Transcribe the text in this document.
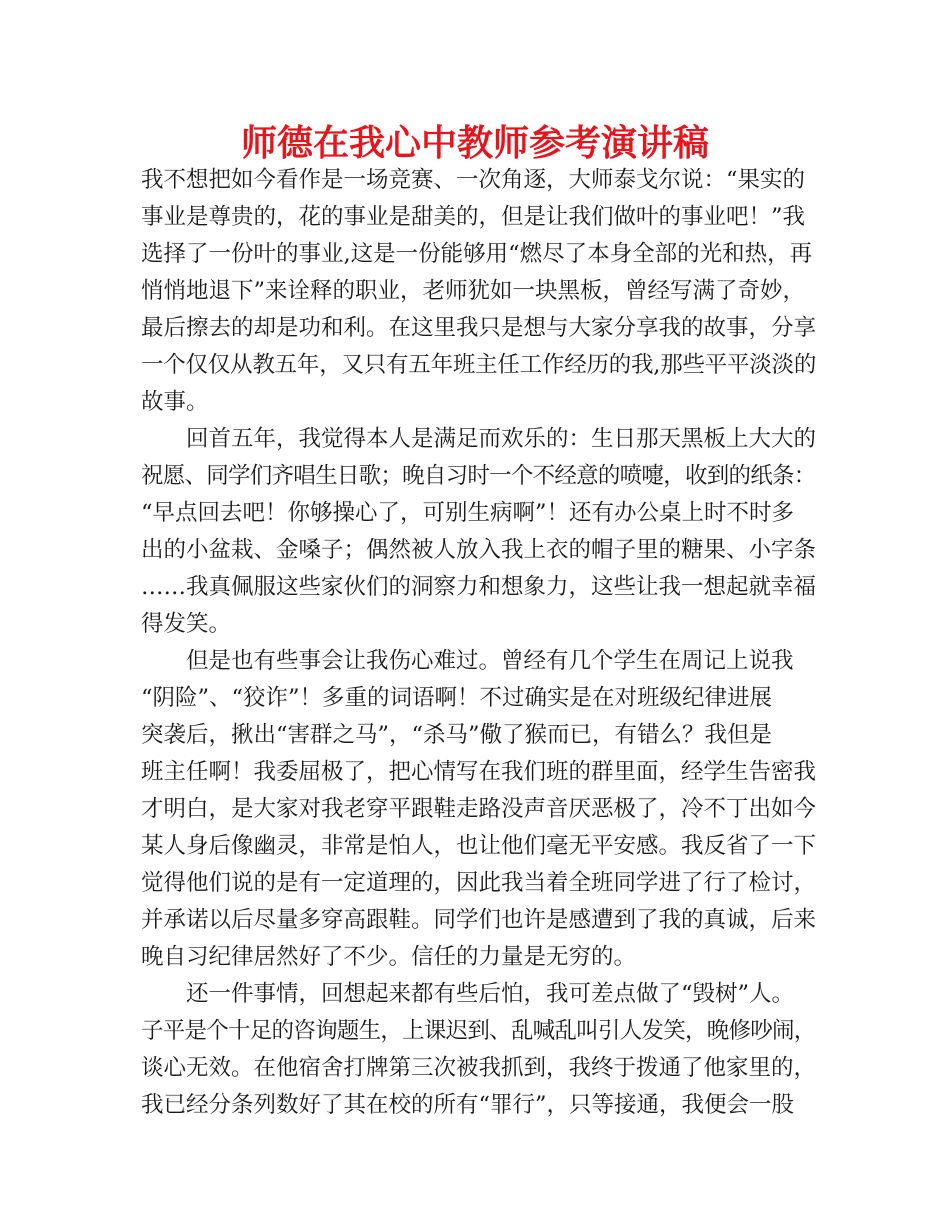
师德在我心中教师参考演讲稿
我不想把如今看作是一场竞赛、一次角逐，大师泰戈尔说：“果实的
事业是尊贵的，花的事业是甜美的，但是让我们做叶的事业吧！”我
选择了一份叶的事业,这是一份能够用“燃尽了本身全部的光和热，再
悄悄地退下”来诠释的职业，老师犹如一块黑板，曾经写满了奇妙，
最后擦去的却是功和利。在这里我只是想与大家分享我的故事，分享
一个仅仅从教五年，又只有五年班主任工作经历的我,那些平平淡淡的
故事。
回首五年，我觉得本人是满足而欢乐的：生日那天黑板上大大的
祝愿、同学们齐唱生日歌；晚自习时一个不经意的喷嚏，收到的纸条：
“早点回去吧！你够操心了，可别生病啊”！还有办公桌上时不时多
出的小盆栽、金嗓子；偶然被人放入我上衣的帽子里的糖果、小字条
……我真佩服这些家伙们的洞察力和想象力，这些让我一想起就幸福
得发笑。
但是也有些事会让我伤心难过。曾经有几个学生在周记上说我
“阴险”、“狡诈”！多重的词语啊！不过确实是在对班级纪律进展
突袭后，揪出“害群之马”，“杀马”儆了猴而已，有错么？我但是
班主任啊！我委屈极了，把心情写在我们班的群里面，经学生告密我
才明白，是大家对我老穿平跟鞋走路没声音厌恶极了，冷不丁出如今
某人身后像幽灵，非常是怕人，也让他们毫无平安感。我反省了一下
觉得他们说的是有一定道理的，因此我当着全班同学进了行了检讨，
并承诺以后尽量多穿高跟鞋。同学们也许是感遭到了我的真诚，后来
晚自习纪律居然好了不少。信任的力量是无穷的。
还一件事情，回想起来都有些后怕，我可差点做了“毁树”人。
子平是个十足的咨询题生，上课迟到、乱喊乱叫引人发笑，晚修吵闹，
谈心无效。在他宿舍打牌第三次被我抓到，我终于拨通了他家里的，
我已经分条列数好了其在校的所有“罪行”，只等接通，我便会一股
